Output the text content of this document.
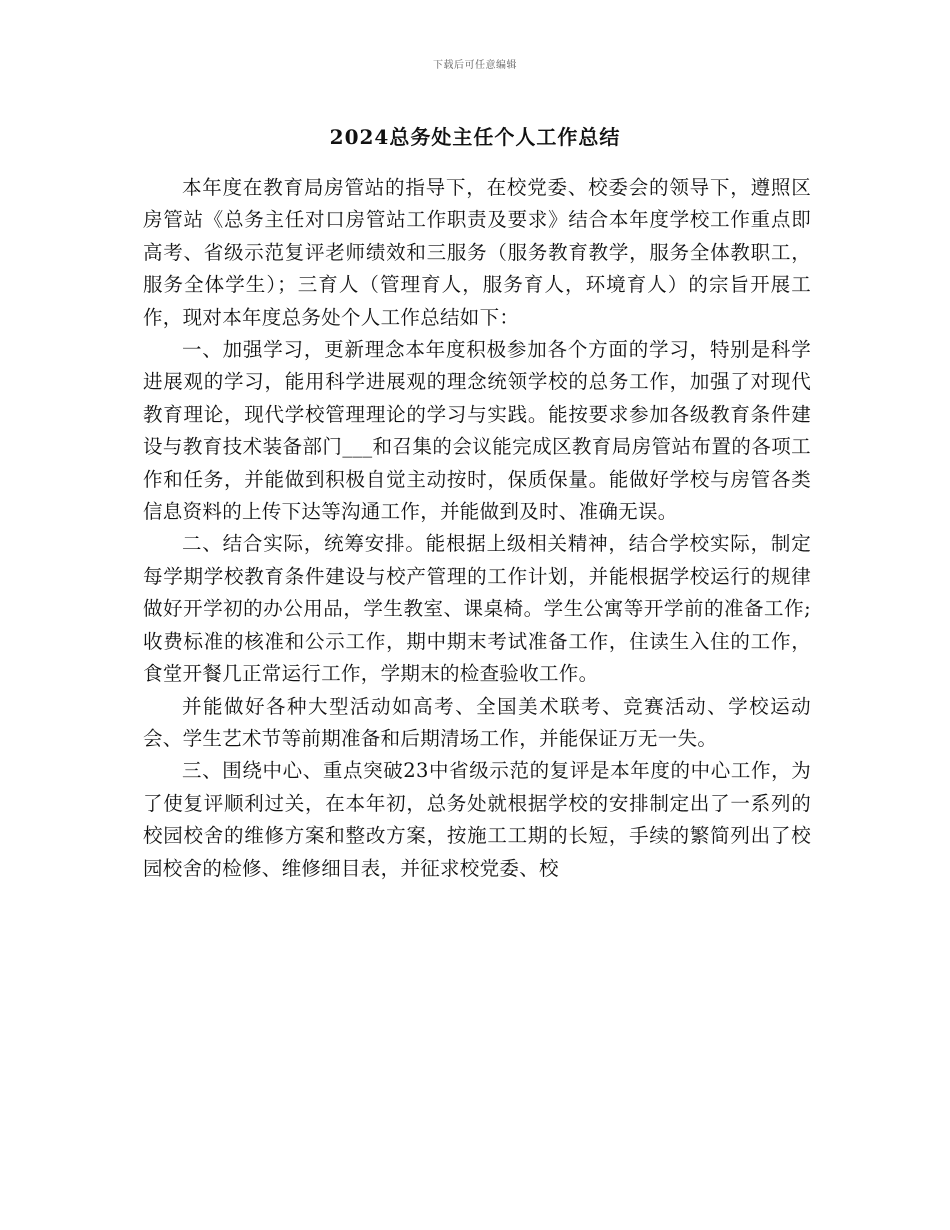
下载后可任意编辑
2024总务处主任个人工作总结

本年度在教育局房管站的指导下，在校党委、校委会的领导下，遵照区房管站《总务主任对口房管站工作职责及要求》结合本年度学校工作重点即高考、省级示范复评老师绩效和三服务（服务教育教学，服务全体教职工，服务全体学生）；三育人（管理育人，服务育人，环境育人）的宗旨开展工作，现对本年度总务处个人工作总结如下：

一、加强学习，更新理念本年度积极参加各个方面的学习，特别是科学进展观的学习，能用科学进展观的理念统领学校的总务工作，加强了对现代教育理论，现代学校管理理论的学习与实践。能按要求参加各级教育条件建设与教育技术装备部门___和召集的会议能完成区教育局房管站布置的各项工作和任务，并能做到积极自觉主动按时，保质保量。能做好学校与房管各类信息资料的上传下达等沟通工作，并能做到及时、准确无误。

二、结合实际，统筹安排。能根据上级相关精神，结合学校实际，制定每学期学校教育条件建设与校产管理的工作计划，并能根据学校运行的规律做好开学初的办公用品，学生教室、课桌椅。学生公寓等开学前的准备工作;收费标准的核准和公示工作，期中期末考试准备工作，住读生入住的工作，食堂开餐几正常运行工作，学期末的检查验收工作。

并能做好各种大型活动如高考、全国美术联考、竞赛活动、学校运动会、学生艺术节等前期准备和后期清场工作，并能保证万无一失。

三、围绕中心、重点突破23中省级示范的复评是本年度的中心工作，为了使复评顺利过关，在本年初，总务处就根据学校的安排制定出了一系列的校园校舍的维修方案和整改方案，按施工工期的长短，手续的繁简列出了校园校舍的检修、维修细目表，并征求校党委、校
